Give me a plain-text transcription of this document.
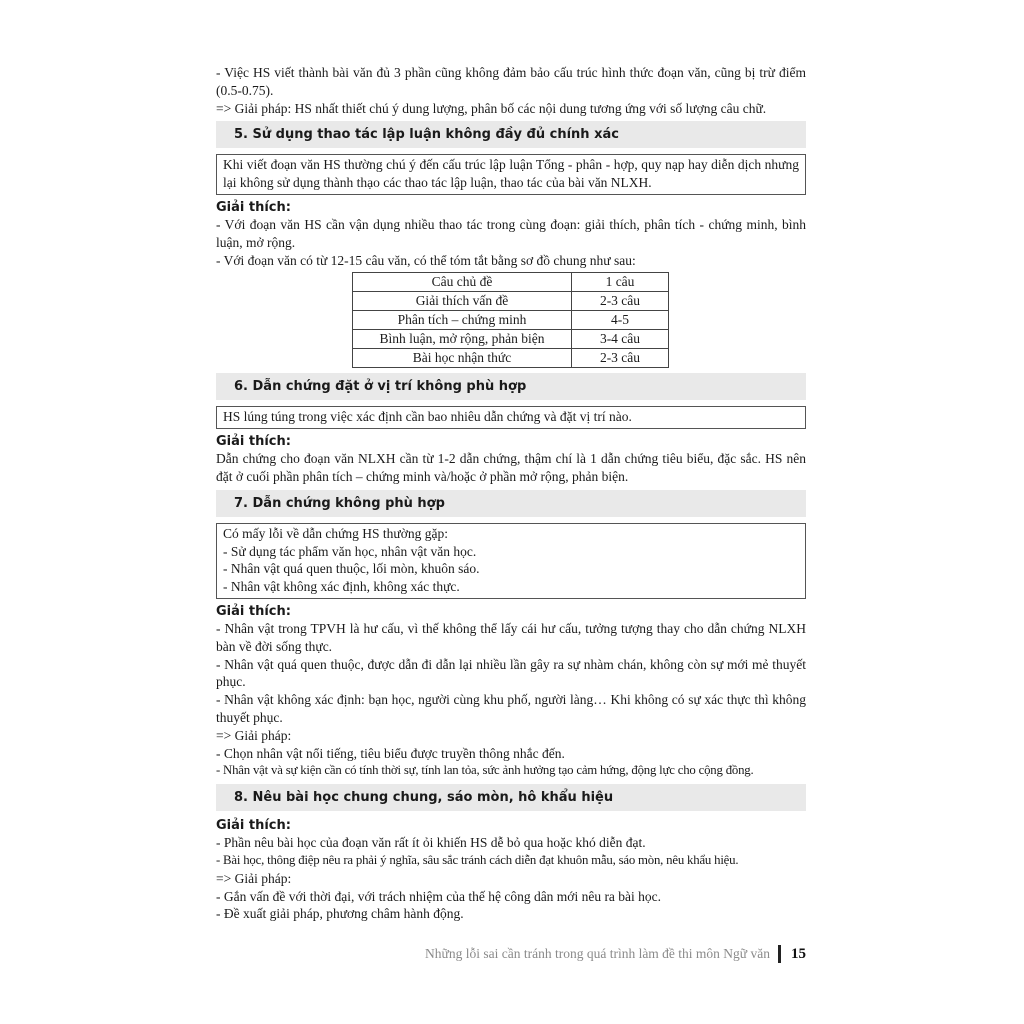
- Việc HS viết thành bài văn đủ 3 phần cũng không đảm bảo cấu trúc hình thức đoạn văn, cũng bị trừ điểm (0.5-0.75).

=> Giải pháp: HS nhất thiết chú ý dung lượng, phân bố các nội dung tương ứng với số lượng câu chữ.

5. Sử dụng thao tác lập luận không đầy đủ chính xác

Khi viết đoạn văn HS thường chú ý đến cấu trúc lập luận Tổng - phân - hợp, quy nạp hay diễn dịch nhưng lại không sử dụng thành thạo các thao tác lập luận, thao tác của bài văn NLXH.

Giải thích:

- Với đoạn văn HS cần vận dụng nhiều thao tác trong cùng đoạn: giải thích, phân tích - chứng minh, bình luận, mở rộng.

- Với đoạn văn có từ 12-15 câu văn, có thể tóm tắt bằng sơ đồ chung như sau:

Câu chủ đề	1 câu
Giải thích vấn đề	2-3 câu
Phân tích – chứng minh	4-5
Bình luận, mở rộng, phản biện	3-4 câu
Bài học nhận thức	2-3 câu
6. Dẫn chứng đặt ở vị trí không phù hợp

HS lúng túng trong việc xác định cần bao nhiêu dẫn chứng và đặt vị trí nào.

Giải thích:

Dẫn chứng cho đoạn văn NLXH cần từ 1-2 dẫn chứng, thậm chí là 1 dẫn chứng tiêu biểu, đặc sắc. HS nên đặt ở cuối phần phân tích – chứng minh và/hoặc ở phần mở rộng, phản biện.

7. Dẫn chứng không phù hợp

Có mấy lỗi về dẫn chứng HS thường gặp:

- Sử dụng tác phẩm văn học, nhân vật văn học.

- Nhân vật quá quen thuộc, lối mòn, khuôn sáo.

- Nhân vật không xác định, không xác thực.

Giải thích:

- Nhân vật trong TPVH là hư cấu, vì thế không thể lấy cái hư cấu, tưởng tượng thay cho dẫn chứng NLXH bàn về đời sống thực.

- Nhân vật quá quen thuộc, được dẫn đi dẫn lại nhiều lần gây ra sự nhàm chán, không còn sự mới mẻ thuyết phục.

- Nhân vật không xác định: bạn học, người cùng khu phố, người làng… Khi không có sự xác thực thì không thuyết phục.

=> Giải pháp:

- Chọn nhân vật nổi tiếng, tiêu biểu được truyền thông nhắc đến.

- Nhân vật và sự kiện cần có tính thời sự, tính lan tỏa, sức ảnh hưởng tạo cảm hứng, động lực cho cộng đồng.

8. Nêu bài học chung chung, sáo mòn, hô khẩu hiệu
Giải thích:

- Phần nêu bài học của đoạn văn rất ít ỏi khiến HS dễ bỏ qua hoặc khó diễn đạt.

- Bài học, thông điệp nêu ra phải ý nghĩa, sâu sắc tránh cách diễn đạt khuôn mẫu, sáo mòn, nêu khẩu hiệu.

=> Giải pháp:

- Gắn vấn đề với thời đại, với trách nhiệm của thế hệ công dân mới nêu ra bài học.

- Đề xuất giải pháp, phương châm hành động.

Những lỗi sai cần tránh trong quá trình làm đề thi môn Ngữ văn 15
